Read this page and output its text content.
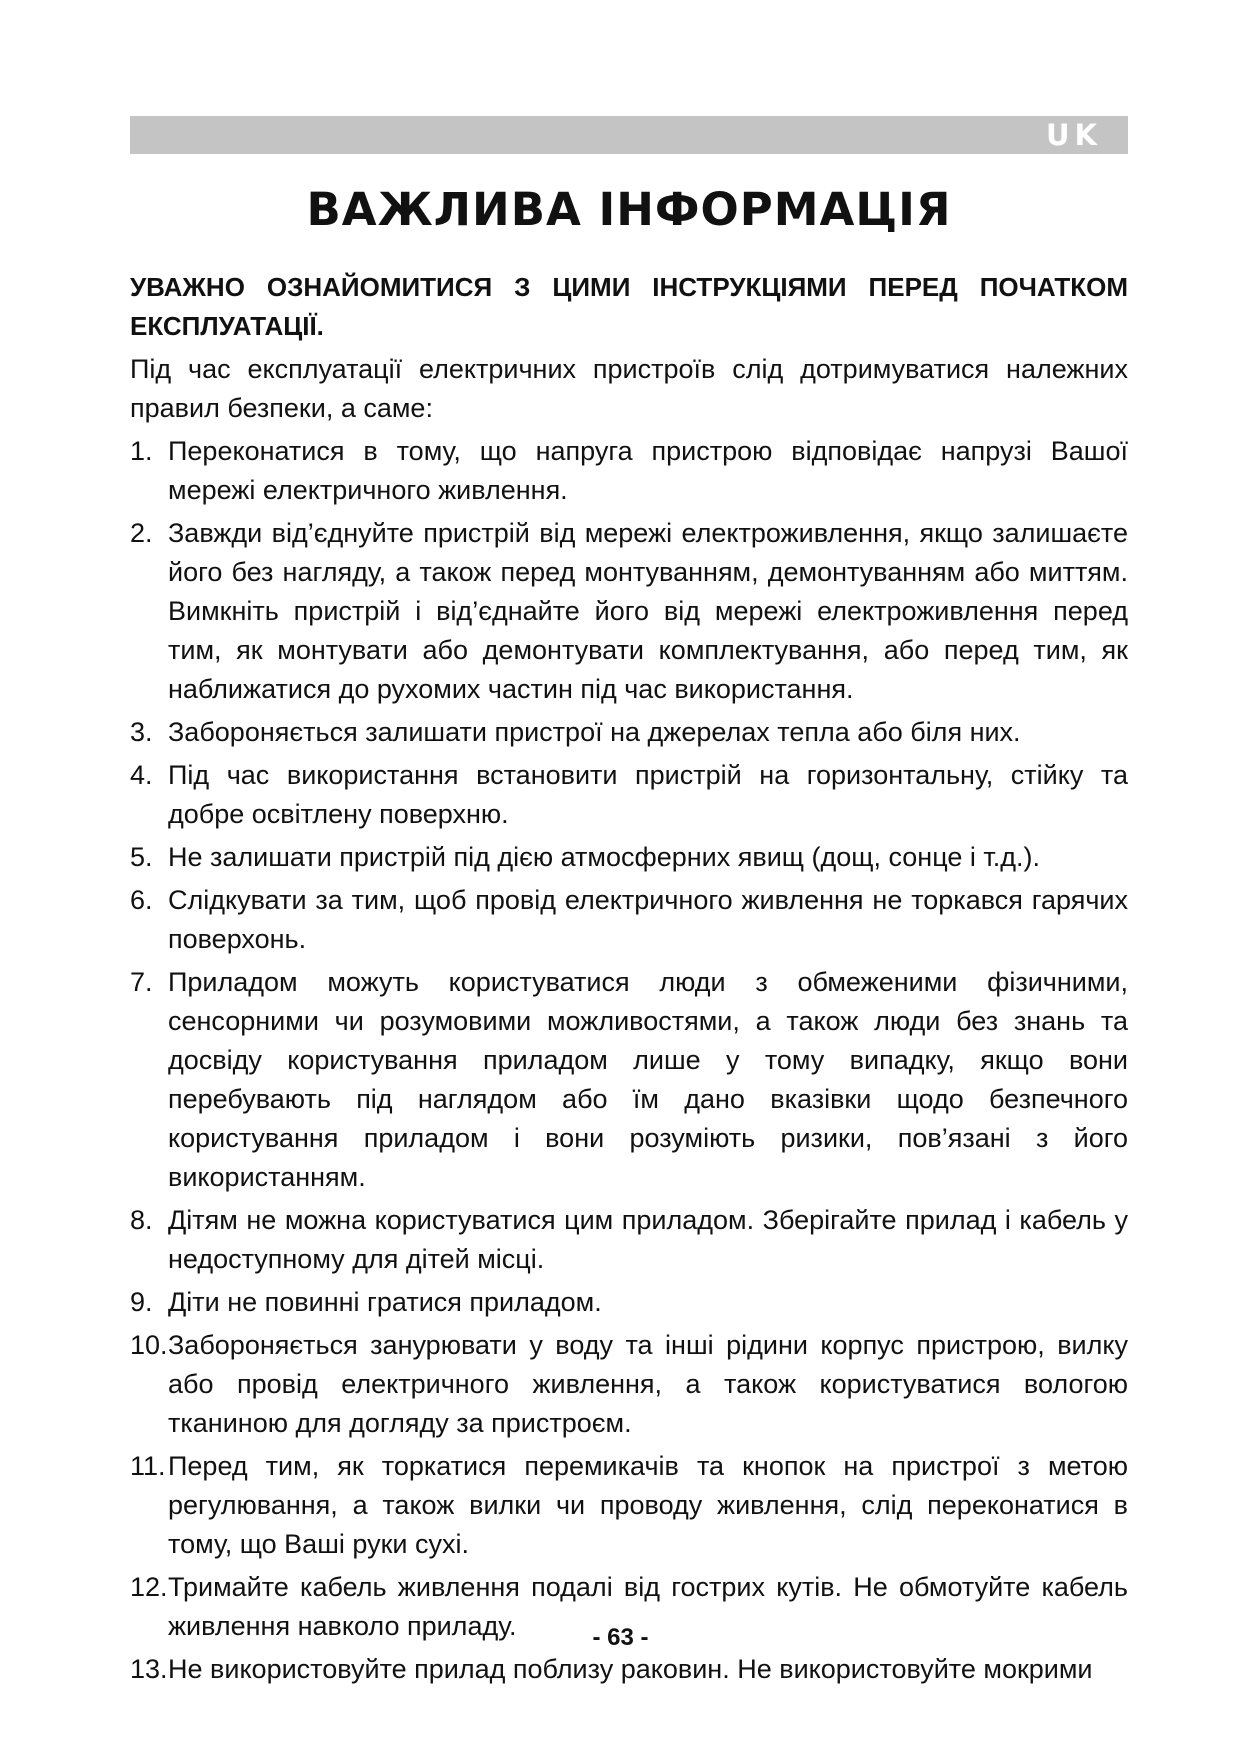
UK
ВАЖЛИВА ІНФОРМАЦІЯ

УВАЖНО ОЗНАЙОМИТИСЯ З ЦИМИ ІНСТРУКЦІЯМИ ПЕРЕД ПОЧАТКОМ ЕКСПЛУАТАЦІЇ.

Під час експлуатації електричних пристроїв слід дотримуватися належних правил безпеки, а саме:

1. Переконатися в тому, що напруга пристрою відповідає напрузі Вашої мережі електричного живлення.
2. Завжди від’єднуйте пристрій від мережі електроживлення, якщо залишаєте його без нагляду, а також перед монтуванням, демонтуванням або миттям. Вимкніть пристрій і від’єднайте його від мережі електроживлення перед тим, як монтувати або демонтувати комплектування, або перед тим, як наближатися до рухомих частин під час використання.
3. Забороняється залишати пристрої на джерелах тепла або біля них.
4. Під час використання встановити пристрій на горизонтальну, стійку та добре освітлену поверхню.
5. Не залишати пристрій під дією атмосферних явищ (дощ, сонце і т.д.).
6. Слідкувати за тим, щоб провід електричного живлення не торкався гарячих поверхонь.
7. Приладом можуть користуватися люди з обмеженими фізичними, сенсорними чи розумовими можливостями, а також люди без знань та досвіду користування приладом лише у тому випадку, якщо вони перебувають під наглядом або їм дано вказівки щодо безпечного користування приладом і вони розуміють ризики, пов’язані з його використанням.
8. Дітям не можна користуватися цим приладом. Зберігайте прилад і кабель у недоступному для дітей місці.
9. Діти не повинні гратися приладом.
10. Забороняється занурювати у воду та інші рідини корпус пристрою, вилку або провід електричного живлення, а також користуватися вологою тканиною для догляду за пристроєм.
11. Перед тим, як торкатися перемикачів та кнопок на пристрої з метою регулювання, а також вилки чи проводу живлення, слід переконатися в тому, що Ваші руки сухі.
12. Тримайте кабель живлення подалі від гострих кутів. Не обмотуйте кабель живлення навколо приладу.
13. Не використовуйте прилад поблизу раковин. Не використовуйте мокрими

- 63 -
